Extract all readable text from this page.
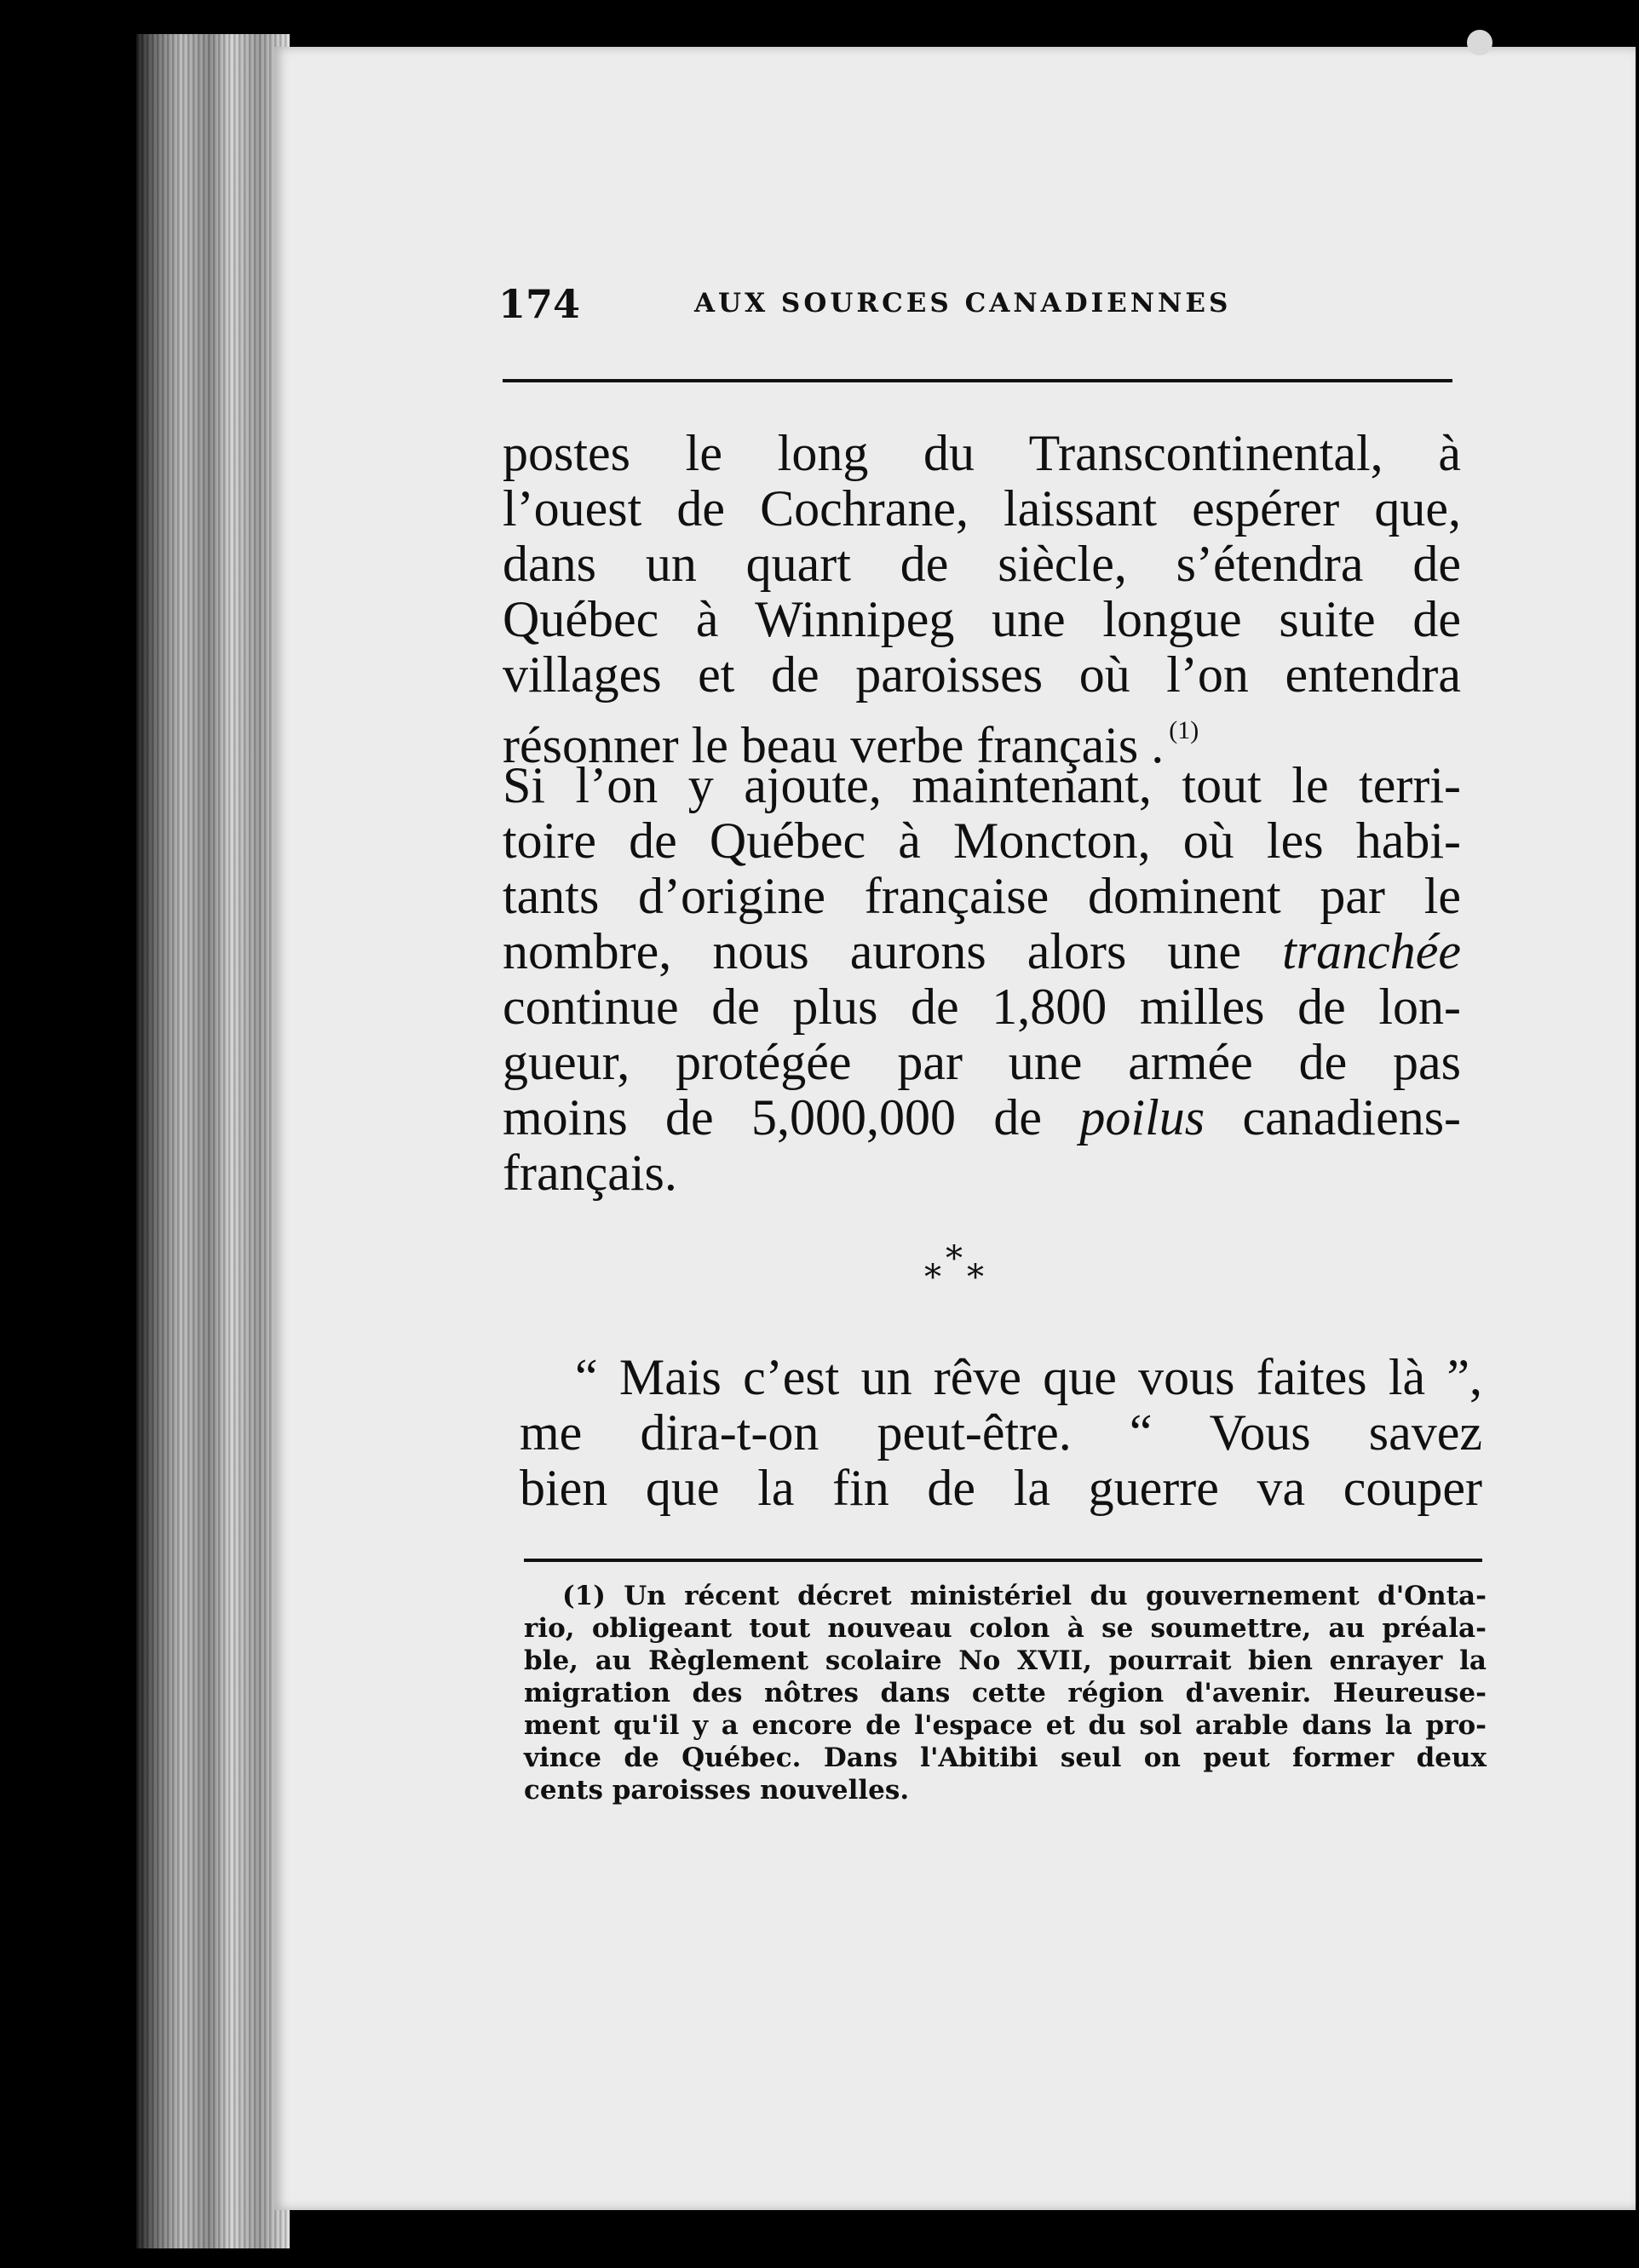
174	AUX SOURCES CANADIENNES
postes le long du Transcontinental, à
l’ouest de Cochrane, laissant espérer que,
dans un quart de siècle, s’étendra de
Québec à Winnipeg une longue suite de
villages et de paroisses où l’on entendra
résonner le beau verbe français . $^{(1)}$
Si l’on y ajoute, maintenant, tout le terri-
toire de Québec à Moncton, où les habi-
tants d’origine française dominent par le
nombre, nous aurons alors une tranchée
continue de plus de 1,800 milles de lon-
gueur, protégée par une armée de pas
moins de 5,000,000 de poilus canadiens-
français.
* * *
“ Mais c’est un rêve que vous faites là ”,
me dira-t-on peut-être. “ Vous savez
bien que la fin de la guerre va couper
(1) Un récent décret ministériel du gouvernement d'Onta-
rio, obligeant tout nouveau colon à se soumettre, au préala-
ble, au Règlement scolaire No XVII, pourrait bien enrayer la
migration des nôtres dans cette région d'avenir. Heureuse-
ment qu'il y a encore de l'espace et du sol arable dans la pro-
vince de Québec. Dans l'Abitibi seul on peut former deux
cents paroisses nouvelles.
